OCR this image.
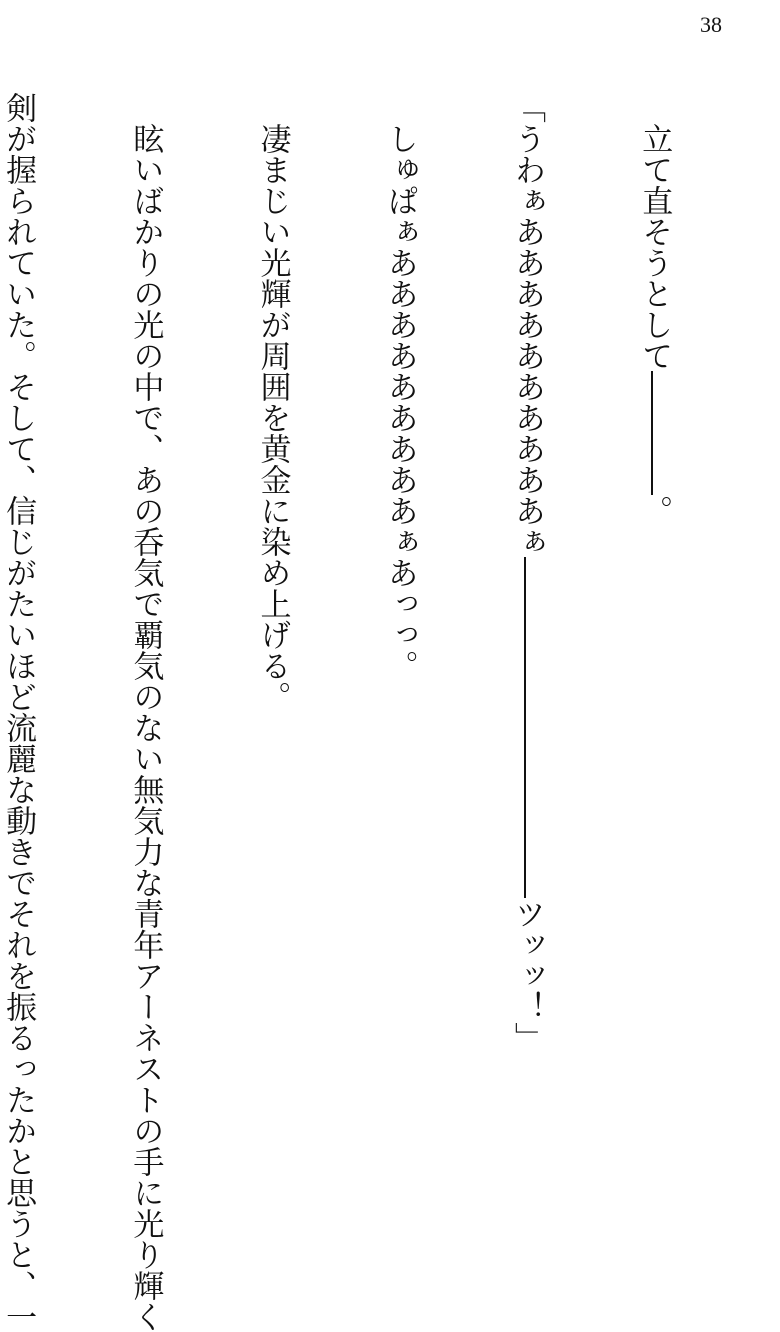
38

立て直そうとして――――。

「うわぁああああああああああぁ―――――――――――ツッッ！」

しゅぱぁあああああああああぁあっっ。

凄まじい光輝が周囲を黄金に染め上げる。

眩いばかりの光の中で、あの呑気で覇気のない無気力な青年アーネストの手に光り輝く

剣が握られていた。そして、信じがたいほど流麗な動きでそれを振るったかと思うと、一
